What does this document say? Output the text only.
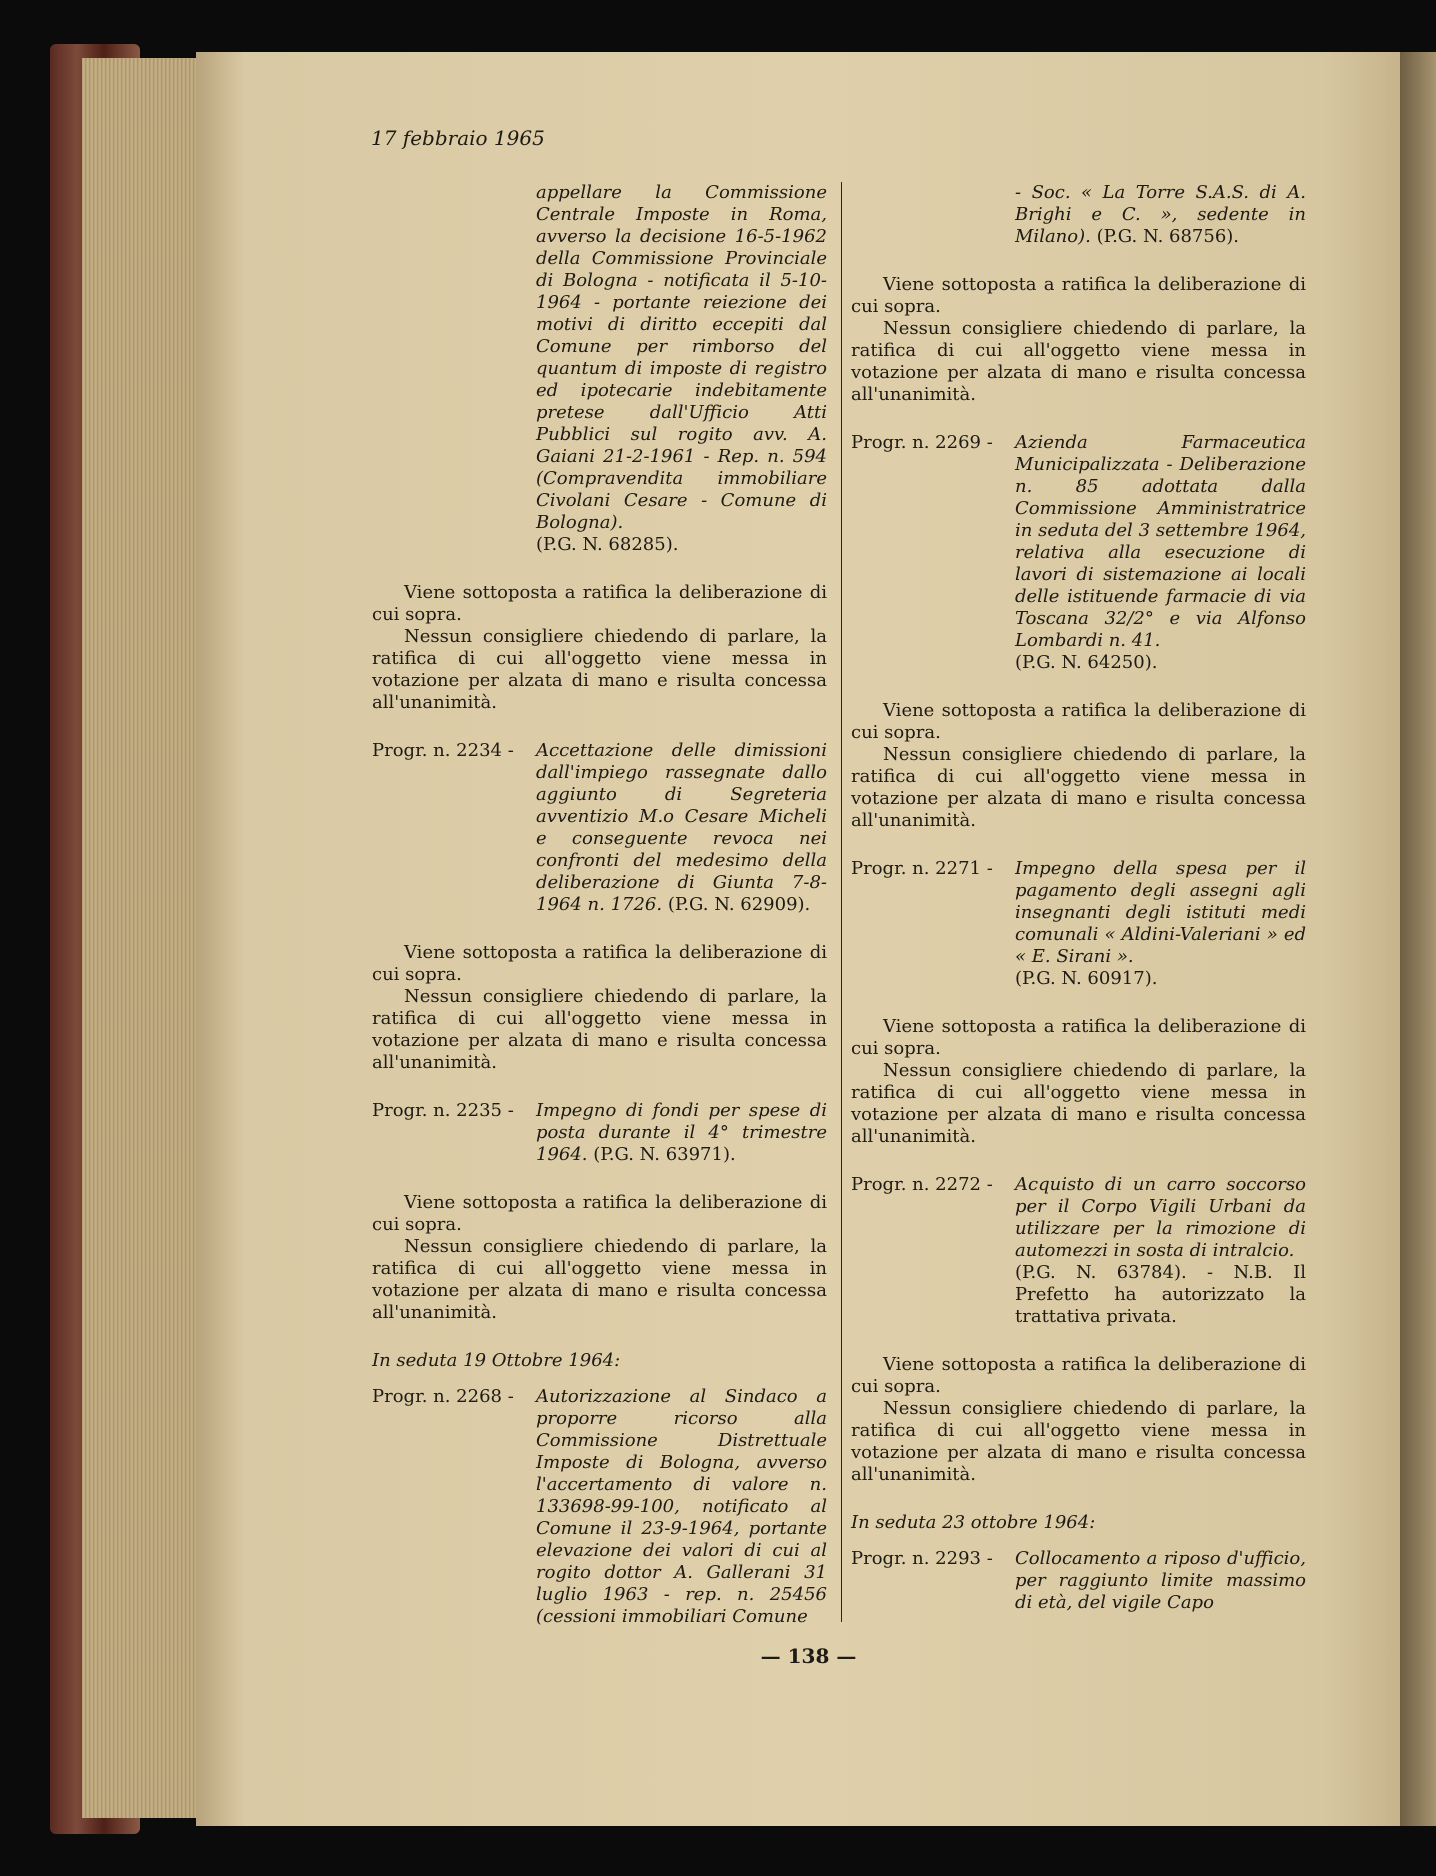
17 febbraio 1965

appellare la Commissione Centrale Imposte in Roma, avverso la decisione 16-5-1962 della Commissione Provinciale di Bologna - notificata il 5-10-1964 - portante reiezione dei motivi di diritto eccepiti dal Comune per rimborso del quantum di imposte di registro ed ipotecarie indebitamente pretese dall'Ufficio Atti Pubblici sul rogito avv. A. Gaiani 21-2-1961 - Rep. n. 594 (Compravendita immobiliare Civolani Cesare - Comune di Bologna).

(P.G. N. 68285).

Viene sottoposta a ratifica la deliberazione di cui sopra.

Nessun consigliere chiedendo di parlare, la ratifica di cui all'oggetto viene messa in votazione per alzata di mano e risulta concessa all'unanimità.

Progr. n. 2234 -	Accettazione delle dimissioni dall'impiego rassegnate dallo aggiunto di Segreteria avventizio M.o Cesare Micheli e conseguente revoca nei confronti del medesimo della deliberazione di Giunta 7-8-1964 n. 1726. (P.G. N. 62909).

Viene sottoposta a ratifica la deliberazione di cui sopra.

Nessun consigliere chiedendo di parlare, la ratifica di cui all'oggetto viene messa in votazione per alzata di mano e risulta concessa all'unanimità.

Progr. n. 2235 -	Impegno di fondi per spese di posta durante il 4° trimestre 1964. (P.G. N. 63971).

Viene sottoposta a ratifica la deliberazione di cui sopra.

Nessun consigliere chiedendo di parlare, la ratifica di cui all'oggetto viene messa in votazione per alzata di mano e risulta concessa all'unanimità.

In seduta 19 Ottobre 1964:
Progr. n. 2268 -	Autorizzazione al Sindaco a proporre ricorso alla Commissione Distrettuale Imposte di Bologna, avverso l'accertamento di valore n. 133698-99-100, notificato al Comune il 23-9-1964, portante elevazione dei valori di cui al rogito dottor A. Gallerani 31 luglio 1963 - rep. n. 25456 (cessioni immobiliari Comune

- Soc. « La Torre S.A.S. di A. Brighi e C. », sedente in Milano). (P.G. N. 68756).

Viene sottoposta a ratifica la deliberazione di cui sopra.

Nessun consigliere chiedendo di parlare, la ratifica di cui all'oggetto viene messa in votazione per alzata di mano e risulta concessa all'unanimità.

Progr. n. 2269 -	Azienda Farmaceutica Municipalizzata - Deliberazione n. 85 adottata dalla Commissione Amministratrice in seduta del 3 settembre 1964, relativa alla esecuzione di lavori di sistemazione ai locali delle istituende farmacie di via Toscana 32/2° e via Alfonso Lombardi n. 41.
(P.G. N. 64250).

Viene sottoposta a ratifica la deliberazione di cui sopra.

Nessun consigliere chiedendo di parlare, la ratifica di cui all'oggetto viene messa in votazione per alzata di mano e risulta concessa all'unanimità.

Progr. n. 2271 -	Impegno della spesa per il pagamento degli assegni agli insegnanti degli istituti medi comunali « Aldini-Valeriani » ed « E. Sirani ».
(P.G. N. 60917).

Viene sottoposta a ratifica la deliberazione di cui sopra.

Nessun consigliere chiedendo di parlare, la ratifica di cui all'oggetto viene messa in votazione per alzata di mano e risulta concessa all'unanimità.

Progr. n. 2272 -	Acquisto di un carro soccorso per il Corpo Vigili Urbani da utilizzare per la rimozione di automezzi in sosta di intralcio.
(P.G. N. 63784). - N.B. Il Prefetto ha autorizzato la trattativa privata.

Viene sottoposta a ratifica la deliberazione di cui sopra.

Nessun consigliere chiedendo di parlare, la ratifica di cui all'oggetto viene messa in votazione per alzata di mano e risulta concessa all'unanimità.

In seduta 23 ottobre 1964:
Progr. n. 2293 -	Collocamento a riposo d'ufficio, per raggiunto limite massimo di età, del vigile Capo
— 138 —
